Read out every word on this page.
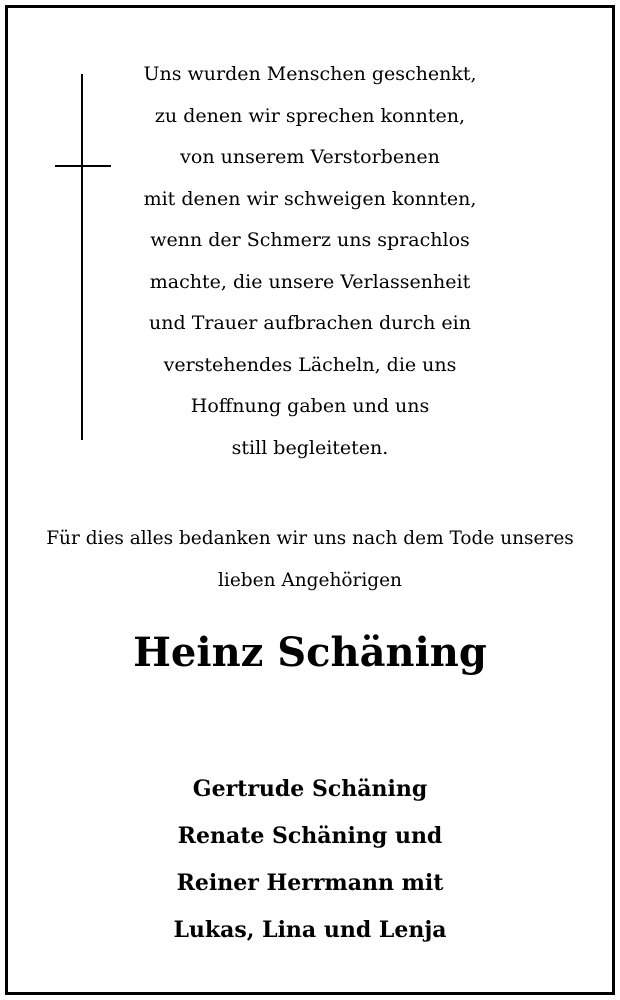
Uns wurden Menschen geschenkt,
zu denen wir sprechen konnten,
von unserem Verstorbenen
mit denen wir schweigen konnten,
wenn der Schmerz uns sprachlos
machte, die unsere Verlassenheit
und Trauer aufbrachen durch ein
verstehendes Lächeln, die uns
Hoffnung gaben und uns
still begleiteten.
Für dies alles bedanken wir uns nach dem Tode unseres
lieben Angehörigen
Heinz Schäning
Gertrude Schäning
Renate Schäning und
Reiner Herrmann mit
Lukas, Lina und Lenja
